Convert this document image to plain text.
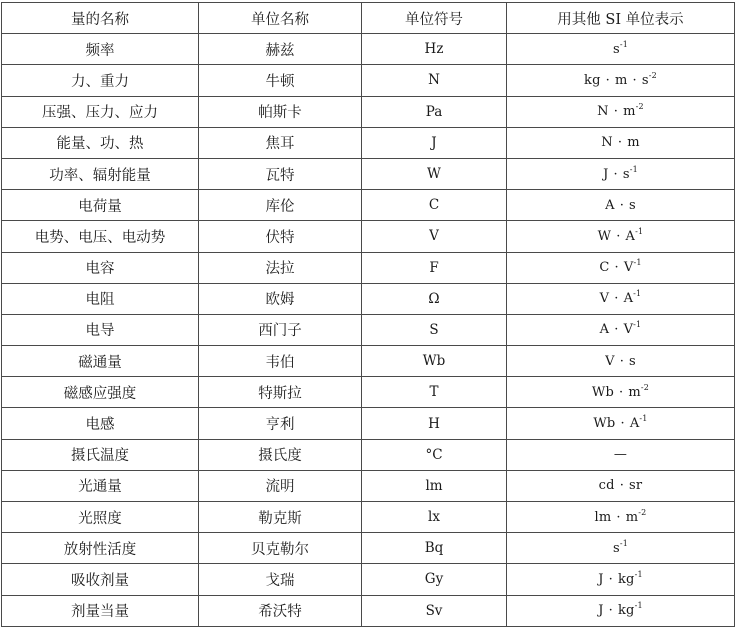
量的名称	单位名称	单位符号	用其他 SI 单位表示
频率	赫兹	Hz	$s^{-1}$
力、重力	牛顿	N	kg · $m \cdot s^{-2}$
压强、压力、应力	帕斯卡	Pa	$N \cdot m^{-2}$
能量、功、热	焦耳	J	N · m
功率、辐射能量	瓦特	W	$J \cdot s^{-1}$
电荷量	库伦	C	A · s
电势、电压、电动势	伏特	V	$W \cdot A^{-1}$
电容	法拉	F	$C \cdot V^{-1}$
电阻	欧姆	Ω	$V \cdot A^{-1}$
电导	西门子	S	$A \cdot V^{-1}$
磁通量	韦伯	Wb	V · s
磁感应强度	特斯拉	T	$Wb \cdot m^{-2}$
电感	亨利	H	$Wb \cdot A^{-1}$
摄氏温度	摄氏度	°C	—
光通量	流明	lm	cd · sr
光照度	勒克斯	lx	lm · $m^{-2}$
放射性活度	贝克勒尔	Bq	$s^{-1}$
吸收剂量	戈瑞	Gy	$J \cdot kg^{-1}$
剂量当量	希沃特	Sv	$J \cdot kg^{-1}$
